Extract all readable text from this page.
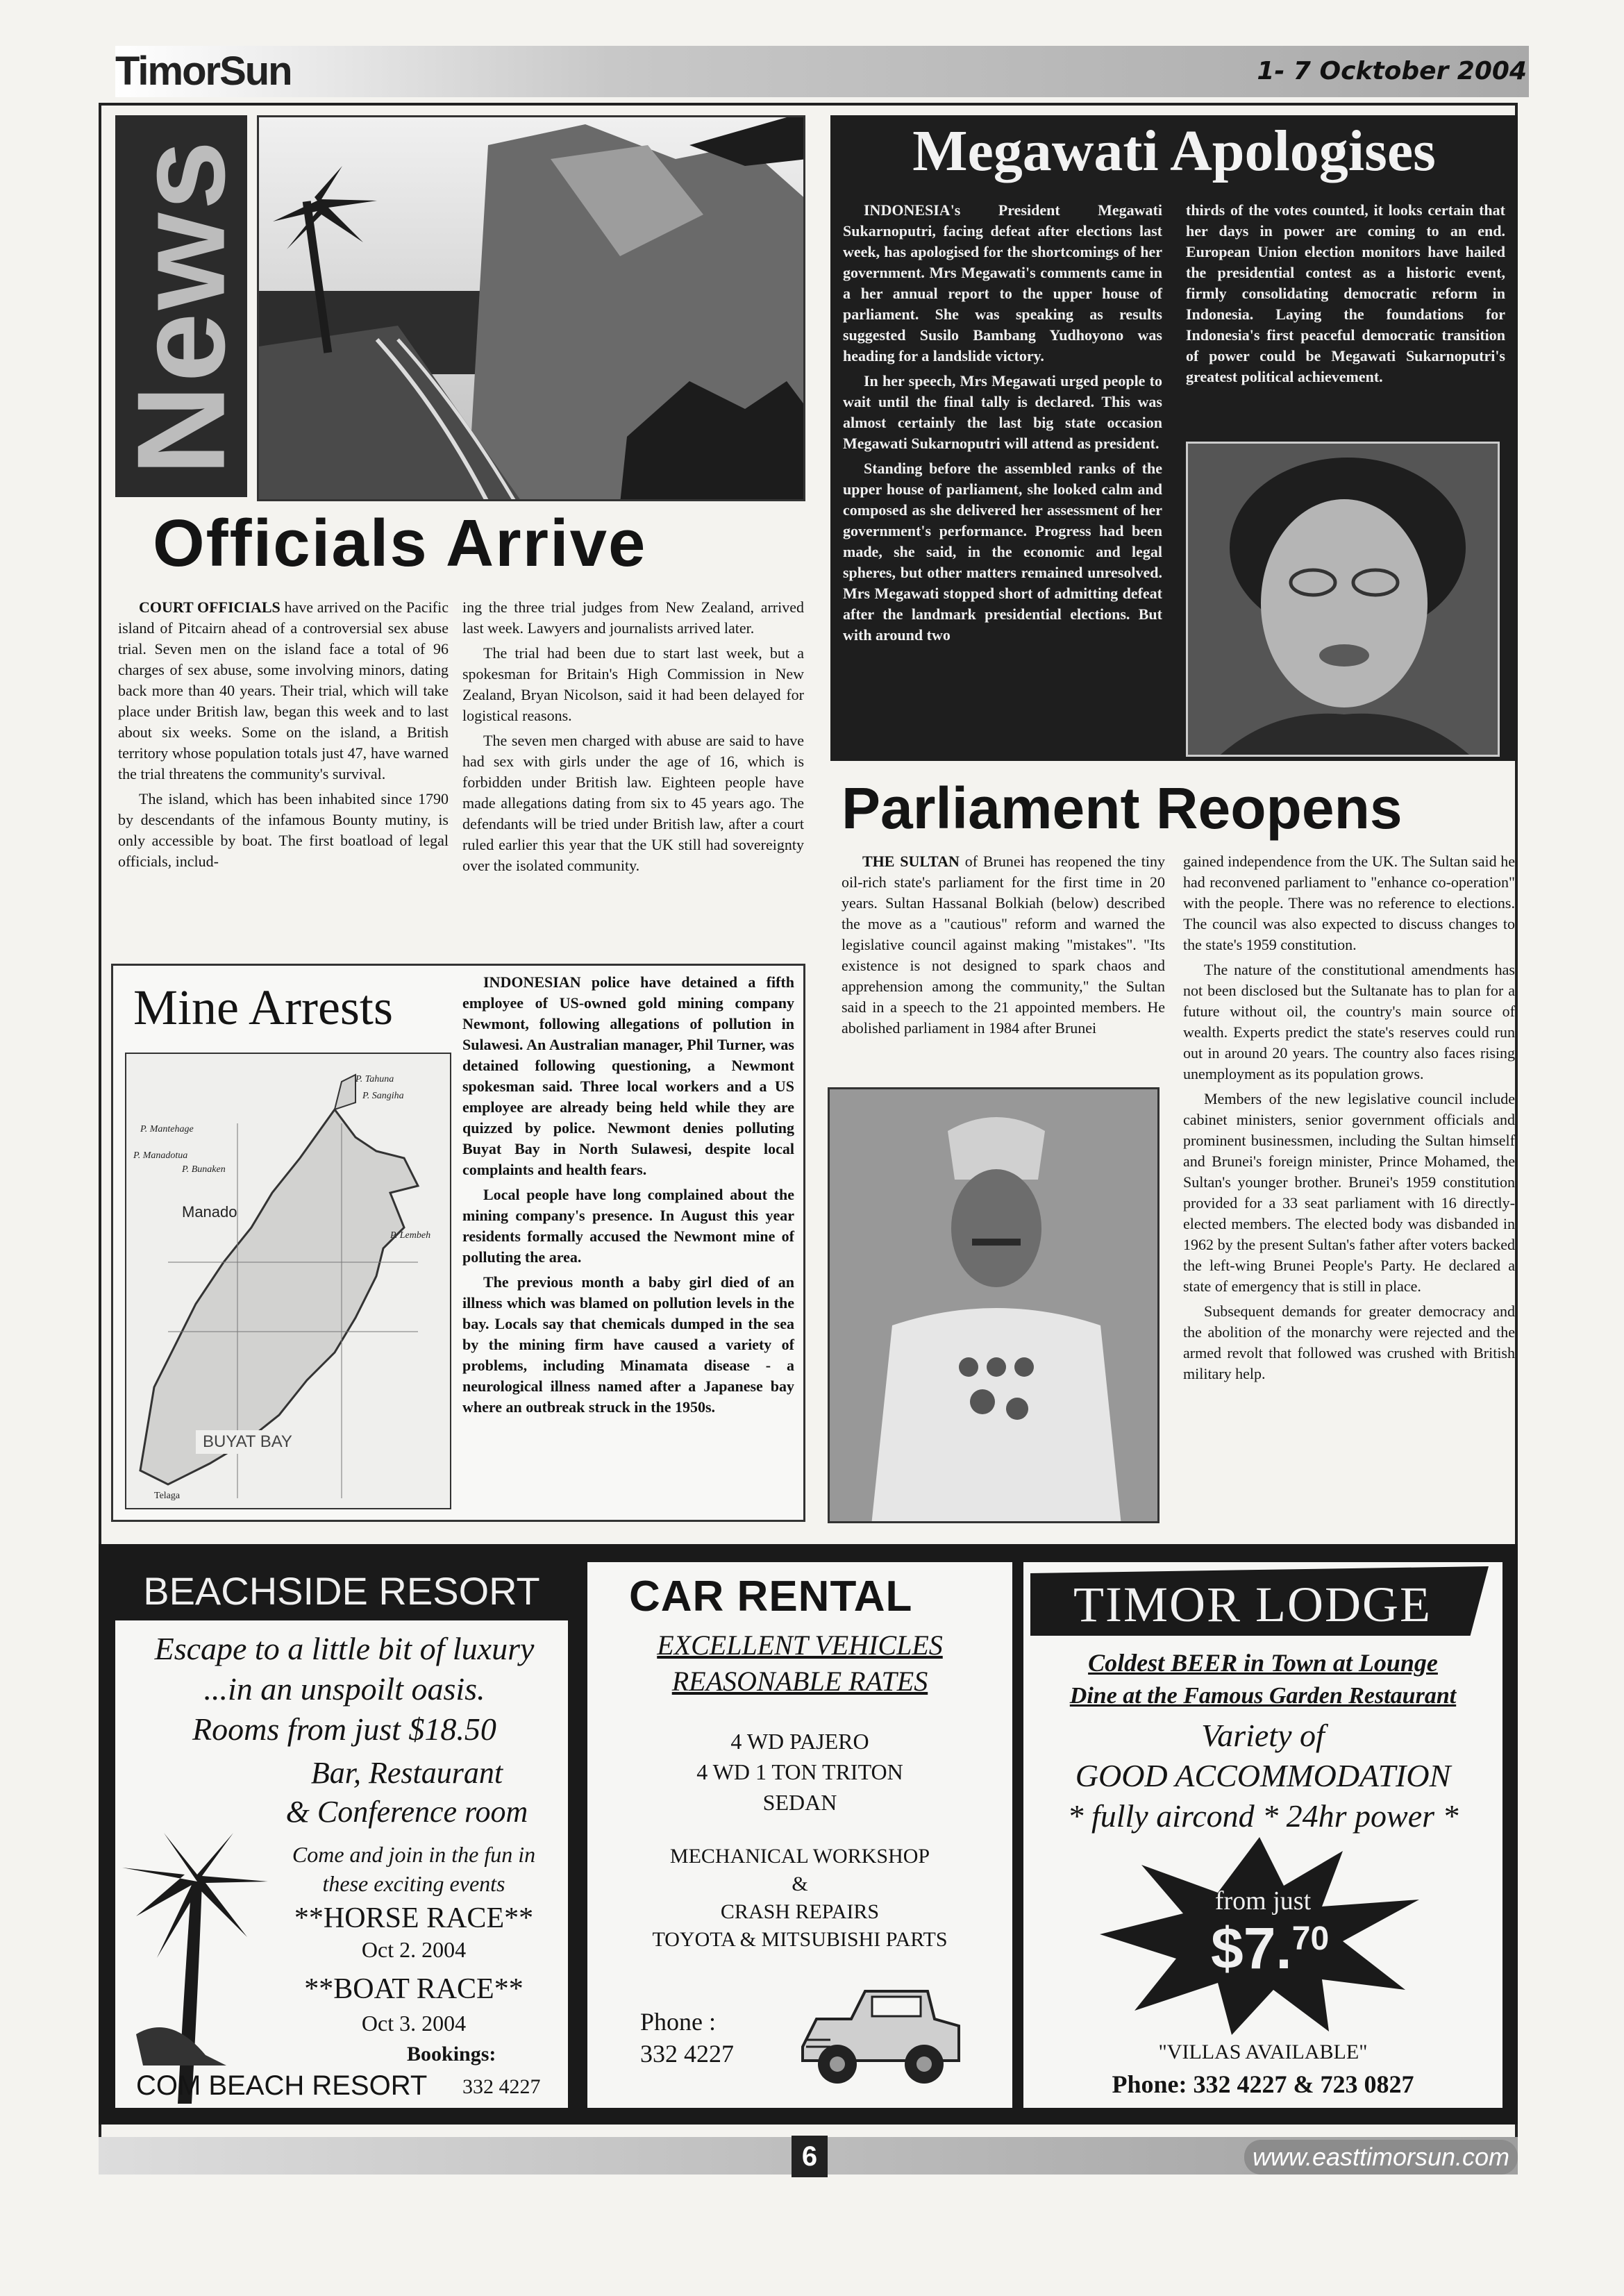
TimorSun	1- 7 Ocktober 2004
News
Officials Arrive

COURT OFFICIALS have arrived on the Pacific island of Pitcairn ahead of a controversial sex abuse trial. Seven men on the island face a total of 96 charges of sex abuse, some involving minors, dating back more than 40 years. Their trial, which will take place under British law, began this week and to last about six weeks. Some on the island, a British territory whose population totals just 47, have warned the trial threatens the community's survival.

The island, which has been inhabited since 1790 by descendants of the infamous Bounty mutiny, is only accessible by boat. The first boatload of legal officials, includ-

ing the three trial judges from New Zealand, arrived last week. Lawyers and journalists arrived later.

The trial had been due to start last week, but a spokesman for Britain's High Commission in New Zealand, Bryan Nicolson, said it had been delayed for logistical reasons.

The seven men charged with abuse are said to have had sex with girls under the age of 16, which is forbidden under British law. Eighteen people have made allegations dating from six to 45 years ago. The defendants will be tried under British law, after a court ruled earlier this year that the UK still had sovereignty over the isolated community.

Megawati Apologises

INDONESIA's President Megawati Sukarnoputri, facing defeat after elections last week, has apologised for the shortcomings of her government. Mrs Megawati's comments came in a her annual report to the upper house of parliament. She was speaking as results suggested Susilo Bambang Yudhoyono was heading for a landslide victory.

In her speech, Mrs Megawati urged people to wait until the final tally is declared. This was almost certainly the last big state occasion Megawati Sukarnoputri will attend as president.

Standing before the assembled ranks of the upper house of parliament, she looked calm and composed as she delivered her assessment of her government's performance. Progress had been made, she said, in the economic and legal spheres, but other matters remained unresolved. Mrs Megawati stopped short of admitting defeat after the landmark presidential elections. But with around two

thirds of the votes counted, it looks certain that her days in power are coming to an end. European Union election monitors have hailed the presidential contest as a historic event, firmly consolidating democratic reform in Indonesia. Laying the foundations for Indonesia's first peaceful democratic transition of power could be Megawati Sukarnoputri's greatest political achievement.

Parliament Reopens

THE SULTAN of Brunei has reopened the tiny oil-rich state's parliament for the first time in 20 years. Sultan Hassanal Bolkiah (below) described the move as a "cautious" reform and warned the legislative council against making "mistakes". "Its existence is not designed to spark chaos and apprehension among the community," the Sultan said in a speech to the 21 appointed members. He abolished parliament in 1984 after Brunei

gained independence from the UK. The Sultan said he had reconvened parliament to "enhance co-operation" with the people. There was no reference to elections. The council was also expected to discuss changes to the state's 1959 constitution.

The nature of the constitutional amendments has not been disclosed but the Sultanate has to plan for a future without oil, the country's main source of wealth. Experts predict the state's reserves could run out in around 20 years. The country also faces rising unemployment as its population grows.

Members of the new legislative council include cabinet ministers, senior government officials and prominent businessmen, including the Sultan himself and Brunei's foreign minister, Prince Mohamed, the Sultan's younger brother. Brunei's 1959 constitution provided for a 33 seat parliament with 16 directly-elected members. The elected body was disbanded in 1962 by the present Sultan's father after voters backed the left-wing Brunei People's Party. He declared a state of emergency that is still in place.

Subsequent demands for greater democracy and the abolition of the monarchy were rejected and the armed revolt that followed was crushed with British military help.

Mine Arrests
Manado
BUYAT BAY
P. Tahuna
P. Sangiha
P. Mantehage
P. Manadotua
P. Bunaken
P. Lembeh
Telaga

INDONESIAN police have detained a fifth employee of US-owned gold mining company Newmont, following allegations of pollution in Sulawesi. An Australian manager, Phil Turner, was detained following questioning, a Newmont spokesman said. Three local workers and a US employee are already being held while they are quizzed by police. Newmont denies polluting Buyat Bay in North Sulawesi, despite local complaints and health fears.

Local people have long complained about the mining company's presence. In August this year residents formally accused the Newmont mine of polluting the area.

The previous month a baby girl died of an illness which was blamed on pollution levels in the bay. Locals say that chemicals dumped in the sea by the mining firm have caused a variety of problems, including Minamata disease - a neurological illness named after a Japanese bay where an outbreak struck in the 1950s.

BEACHSIDE RESORT
Escape to a little bit of luxury
...in an unspoilt oasis.
Rooms from just $18.50
Bar, Restaurant
& Conference room
Come and join in the fun in
these exciting events
**HORSE RACE**
Oct 2. 2004
**BOAT RACE**
Oct 3. 2004
Bookings:
COM BEACH RESORT 332 4227
CAR RENTAL
EXCELLENT VEHICLES
REASONABLE RATES
4 WD PAJERO
4 WD 1 TON TRITON
SEDAN
MECHANICAL WORKSHOP
&
CRASH REPAIRS
TOYOTA & MITSUBISHI PARTS
Phone :
332 4227
TIMOR LODGE
Coldest BEER in Town at Lounge
Dine at the Famous Garden Restaurant
Variety of
GOOD ACCOMMODATION
* fully aircond * 24hr power *
from just
$7.70
"VILLAS AVAILABLE"
Phone: 332 4227 & 723 0827
6	www.easttimorsun.com
